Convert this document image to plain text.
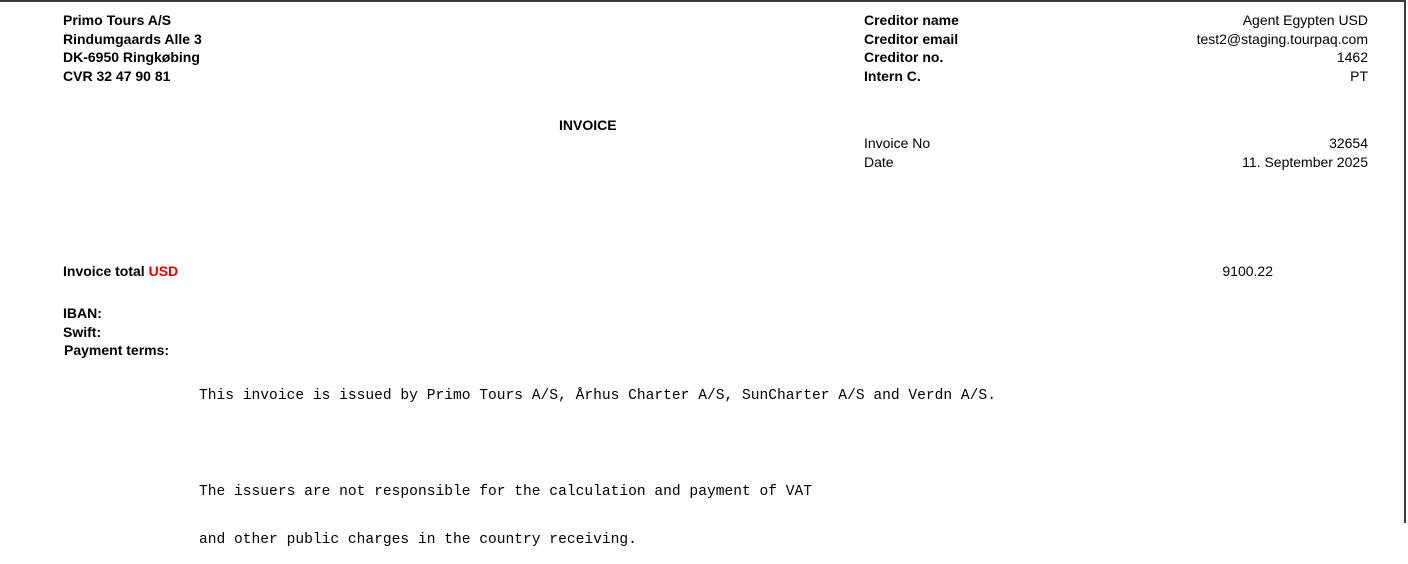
Primo Tours A/S
Rindumgaards Alle 3
DK-6950 Ringkøbing
CVR 32 47 90 81
Creditor name	Agent Egypten USD
Creditor email	test2@staging.tourpaq.com
Creditor no.	1462
Intern C.	PT
INVOICE
Invoice No	32654
Date	11. September 2025
Invoice total USD	9100.22
IBAN:
Swift:
Payment terms:

This invoice is issued by Primo Tours A/S, Århus Charter A/S, SunCharter A/S and Verdn A/S.

The issuers are not responsible for the calculation and payment of VAT

and other public charges in the country receiving.
